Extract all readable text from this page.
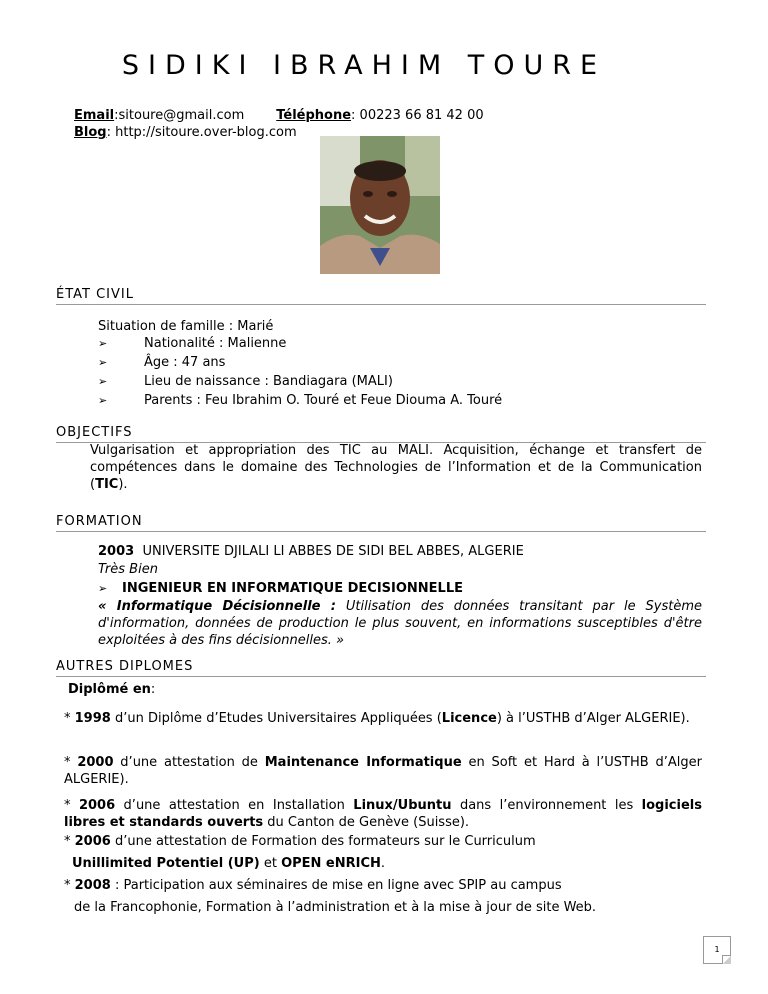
SIDIKI IBRAHIM TOURE
Email:sitoure@gmail.com Téléphone: 00223 66 81 42 00
Blog: http://sitoure.over-blog.com
ÉTAT CIVIL
Situation de famille : Marié
➢	Nationalité : Malienne
➢	Âge : 47 ans
➢	Lieu de naissance : Bandiagara (MALI)
➢	Parents : Feu Ibrahim O. Touré et Feue Diouma A. Touré
OBJECTIFS
Vulgarisation et appropriation des TIC au MALI. Acquisition, échange et transfert de compétences dans le domaine des Technologies de l’Information et de la Communication (TIC).
FORMATION
2003 UNIVERSITE DJILALI LI ABBES DE SIDI BEL ABBES, ALGERIE
Très Bien
➢ INGENIEUR EN INFORMATIQUE DECISIONNELLE
« Informatique Décisionnelle : Utilisation des données transitant par le Système d'information, données de production le plus souvent, en informations susceptibles d'être exploitées à des fins décisionnelles. »
AUTRES DIPLOMES
Diplômé en:
* 1998 d’un Diplôme d’Etudes Universitaires Appliquées (Licence) à l’USTHB d’Alger ALGERIE).
* 2000 d’une attestation de Maintenance Informatique en Soft et Hard à l’USTHB d’Alger ALGERIE).
* 2006 d’une attestation en Installation Linux/Ubuntu dans l’environnement les logiciels libres et standards ouverts du Canton de Genève (Suisse).
* 2006 d’une attestation de Formation des formateurs sur le Curriculum
Unillimited Potentiel (UP) et OPEN eNRICH.
* 2008 : Participation aux séminaires de mise en ligne avec SPIP au campus
de la Francophonie, Formation à l’administration et à la mise à jour de site Web.
1
